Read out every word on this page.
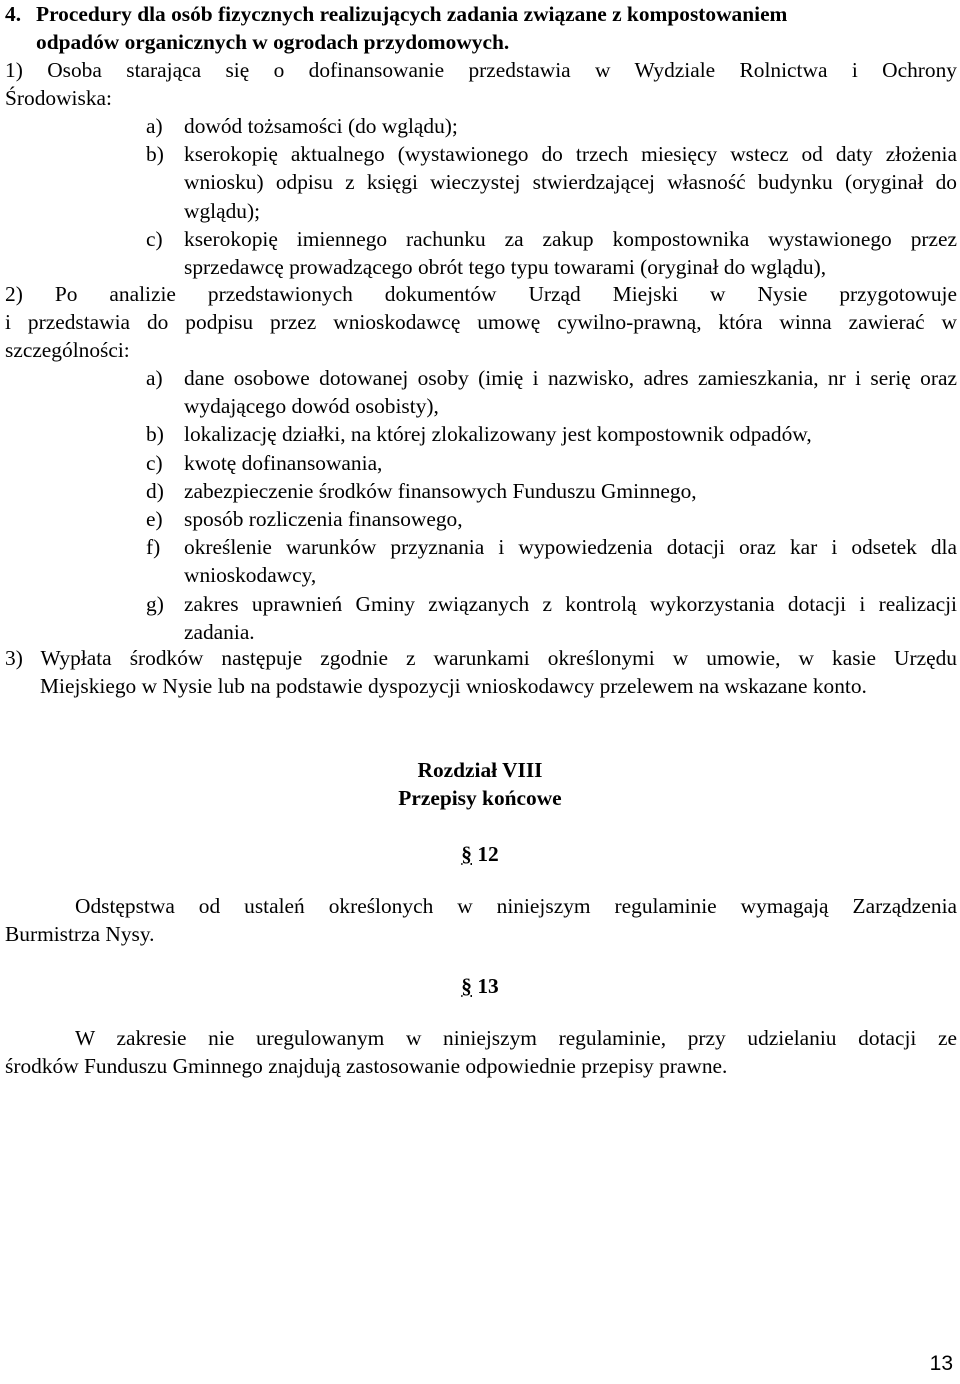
4. Procedury dla osób fizycznych realizujących zadania związane z kompostowaniem
odpadów organicznych w ogrodach przydomowych.
1) Osoba starająca się o dofinansowanie przedstawia w Wydziale Rolnictwa i Ochrony
Środowiska:
a) dowód tożsamości (do wglądu);
b) kserokopię aktualnego (wystawionego do trzech miesięcy wstecz od daty złożenia wniosku) odpisu z księgi wieczystej stwierdzającej własność budynku (oryginał do wglądu);
c) kserokopię imiennego rachunku za zakup kompostownika wystawionego przez sprzedawcę prowadzącego obrót tego typu towarami (oryginał do wglądu),
2) Po analizie przedstawionych dokumentów Urząd Miejski w Nysie przygotowuje
i przedstawia do podpisu przez wnioskodawcę umowę cywilno-prawną, która winna zawierać w szczególności:
a) dane osobowe dotowanej osoby (imię i nazwisko, adres zamieszkania, nr i serię oraz wydającego dowód osobisty),
b) lokalizację działki, na której zlokalizowany jest kompostownik odpadów,
c) kwotę dofinansowania,
d) zabezpieczenie środków finansowych Funduszu Gminnego,
e) sposób rozliczenia finansowego,
f) określenie warunków przyznania i wypowiedzenia dotacji oraz kar i odsetek dla wnioskodawcy,
g) zakres uprawnień Gminy związanych z kontrolą wykorzystania dotacji i realizacji zadania.
3) Wypłata środków następuje zgodnie z warunkami określonymi w umowie, w kasie Urzędu
Miejskiego w Nysie lub na podstawie dyspozycji wnioskodawcy przelewem na wskazane konto.
Rozdział VIII
Przepisy końcowe
§ 12
Odstępstwa od ustaleń określonych w niniejszym regulaminie wymagają Zarządzenia
Burmistrza Nysy.
§ 13
W zakresie nie uregulowanym w niniejszym regulaminie, przy udzielaniu dotacji ze
środków Funduszu Gminnego znajdują zastosowanie odpowiednie przepisy prawne.
13
